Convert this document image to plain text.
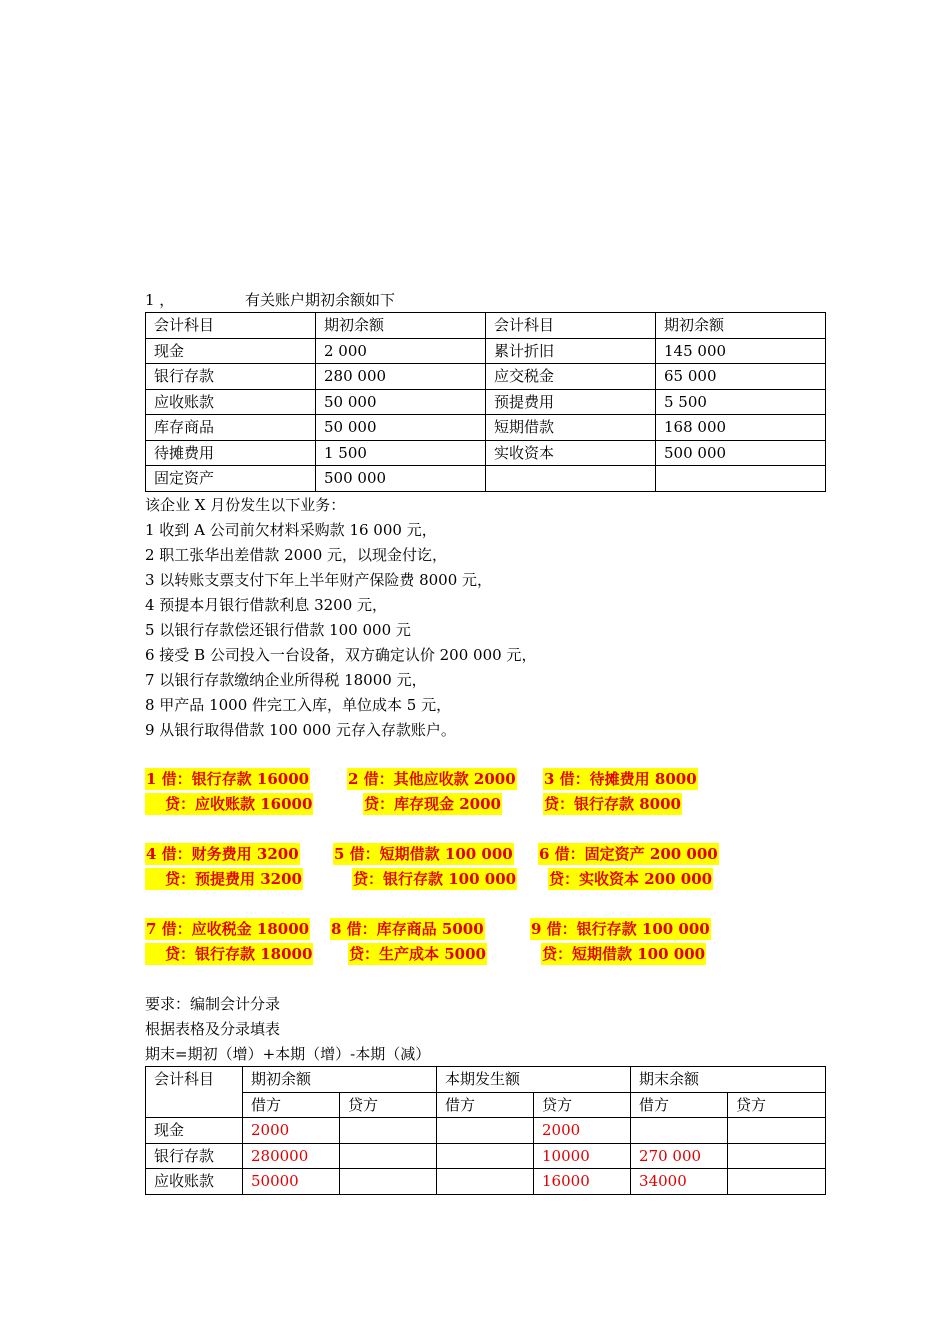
1 ，	有关账户期初余额如下
会计科目	期初余额	会计科目	期初余额
现金	2 000	累计折旧	145 000
银行存款	280 000	应交税金	65 000
应收账款	50 000	预提费用	5 500
库存商品	50 000	短期借款	168 000
待摊费用	1 500	实收资本	500 000
固定资产	500 000		
该企业 X 月份发生以下业务：
1 收到 A 公司前欠材料采购款 16 000 元，
2 职工张华出差借款 2000 元，以现金付讫，
3 以转账支票支付下年上半年财产保险费 8000 元，
4 预提本月银行借款利息 3200 元，
5 以银行存款偿还银行借款 100 000 元
6 接受 B 公司投入一台设备，双方确定认价 200 000 元，
7 以银行存款缴纳企业所得税 18000 元，
8 甲产品 1000 件完工入库，单位成本 5 元，
9 从银行取得借款 100 000 元存入存款账户。
1 借：银行存款 16000	2 借：其他应收款 2000 3 借：待摊费用 8000
贷：应收账款 16000	贷：库存现金 2000	贷：银行存款 8000
4 借：财务费用 3200 5 借：短期借款 100 000 6 借：固定资产 200 000
贷：预提费用 3200	贷：银行存款 100 000 贷：实收资本 200 000
7 借：应收税金 18000 8 借：库存商品 5000	9 借：银行存款 100 000
贷：银行存款 18000 贷：生产成本 5000	贷：短期借款 100 000
要求：编制会计分录
根据表格及分录填表
期末=期初（增）+本期（增）-本期（减）
会计科目	期初余额		本期发生额		期末余额	
	借方	贷方	借方	贷方	借方	贷方
现金	2000			2000		
银行存款	280000			10000	270 000	
应收账款	50000			16000	34000	
